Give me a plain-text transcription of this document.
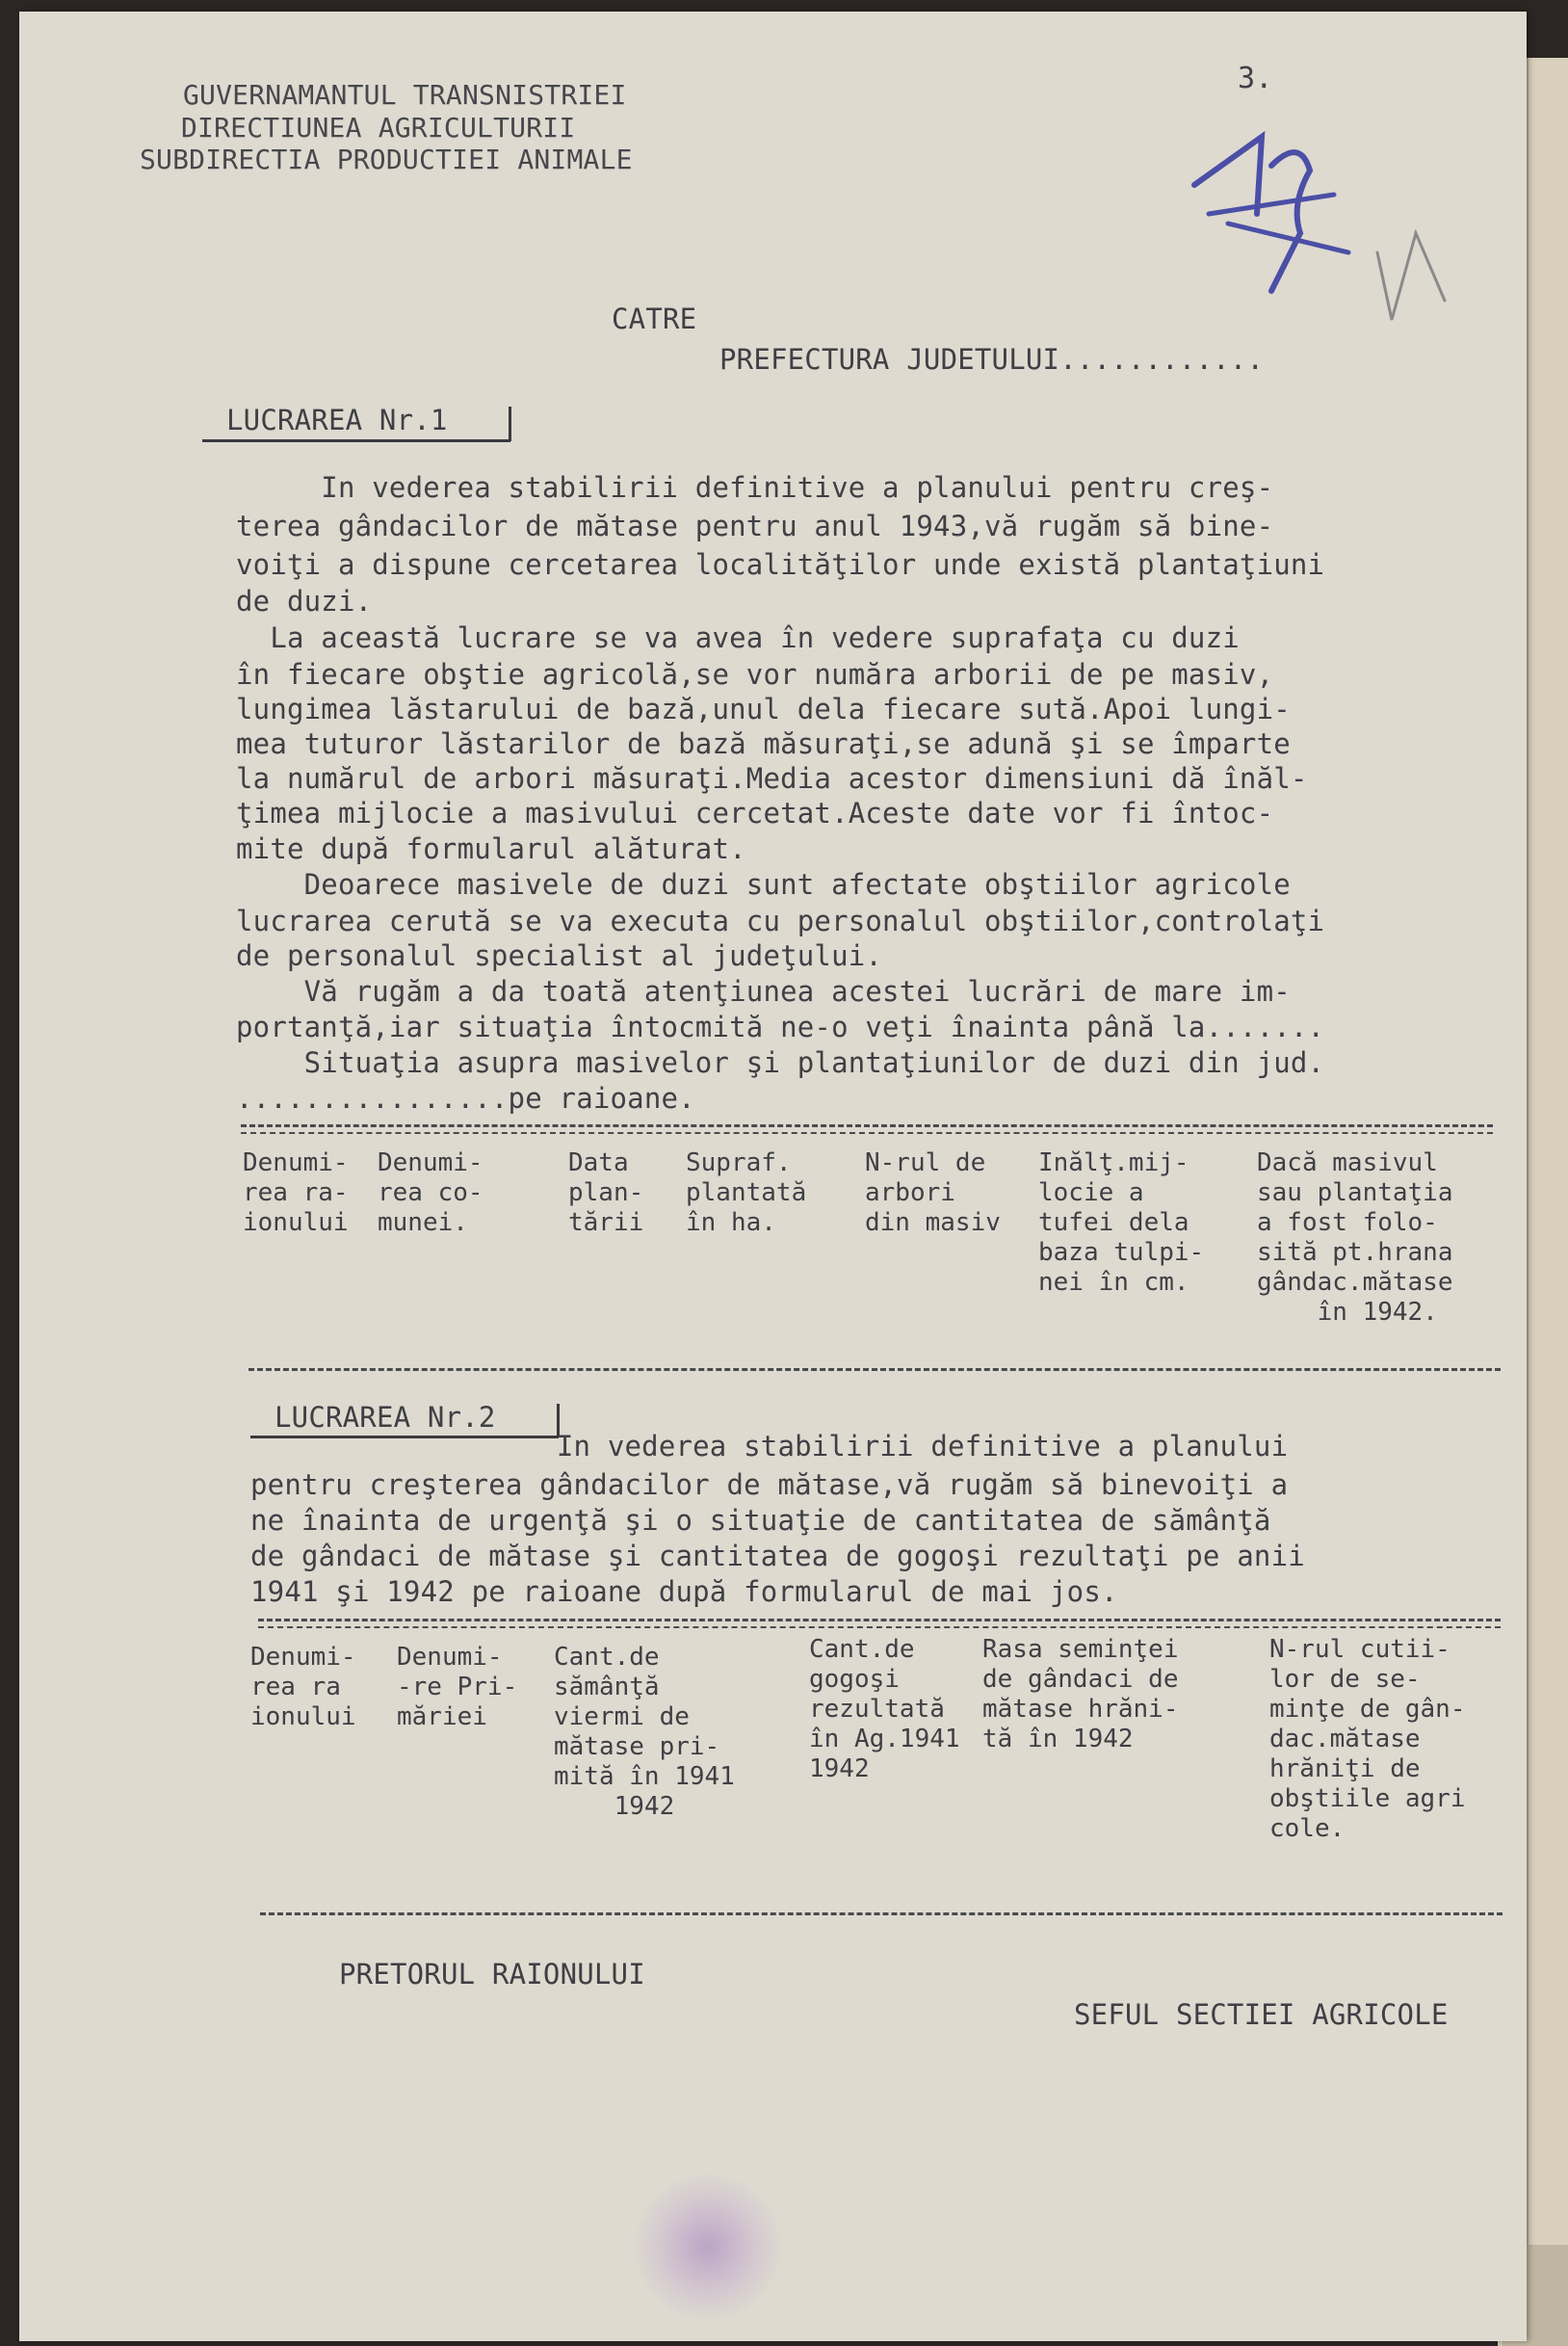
GUVERNAMANTUL TRANSNISTRIEI
DIRECTIUNEA AGRICULTURII
SUBDIRECTIA PRODUCTIEI ANIMALE
3.
CATRE
PREFECTURA JUDETULUI............
LUCRAREA Nr.1
In vederea stabilirii definitive a planului pentru creş-
terea gândacilor de mătase pentru anul 1943,vă rugăm să bine-
voiţi a dispune cercetarea localităţilor unde există plantaţiuni
de duzi.
La această lucrare se va avea în vedere suprafaţa cu duzi
în fiecare obştie agricolă,se vor număra arborii de pe masiv,
lungimea lăstarului de bază,unul dela fiecare sută.Apoi lungi-
mea tuturor lăstarilor de bază măsuraţi,se adună şi se împarte
la numărul de arbori măsuraţi.Media acestor dimensiuni dă înăl-
ţimea mijlocie a masivului cercetat.Aceste date vor fi întoc-
mite după formularul alăturat.
Deoarece masivele de duzi sunt afectate obştiilor agricole
lucrarea cerută se va executa cu personalul obştiilor,controlaţi
de personalul specialist al judeţului.
Vă rugăm a da toată atenţiunea acestei lucrări de mare im-
portanţă,iar situaţia întocmită ne-o veţi înainta până la.......
Situaţia asupra masivelor şi plantaţiunilor de duzi din jud.
................pe raioane.
Denumi-
rea ra-
ionului
Denumi-
rea co-
munei.
Data
plan-
tării
Supraf.
plantată
în ha.
N-rul de
arbori
din masiv
Inălţ.mij-
locie a
tufei dela
baza tulpi-
nei în cm.
Dacă masivul
sau plantaţia
a fost folo-
sită pt.hrana
gândac.mătase
în 1942.
LUCRAREA Nr.2
In vederea stabilirii definitive a planului
pentru creşterea gândacilor de mătase,vă rugăm să binevoiţi a
ne înainta de urgenţă şi o situaţie de cantitatea de sămânţă
de gândaci de mătase şi cantitatea de gogoşi rezultaţi pe anii
1941 şi 1942 pe raioane după formularul de mai jos.
Denumi-
rea ra
ionului
Denumi-
-re Pri-
măriei
Cant.de
sămânţă
viermi de
mătase pri-
mită în 1941
1942
Cant.de
gogoşi
rezultată
în Ag.1941
1942
Rasa seminţei
de gândaci de
mătase hrăni-
tă în 1942
N-rul cutii-
lor de se-
minţe de gân-
dac.mătase
hrăniţi de
obştiile agri
cole.
PRETORUL RAIONULUI
SEFUL SECTIEI AGRICOLE
